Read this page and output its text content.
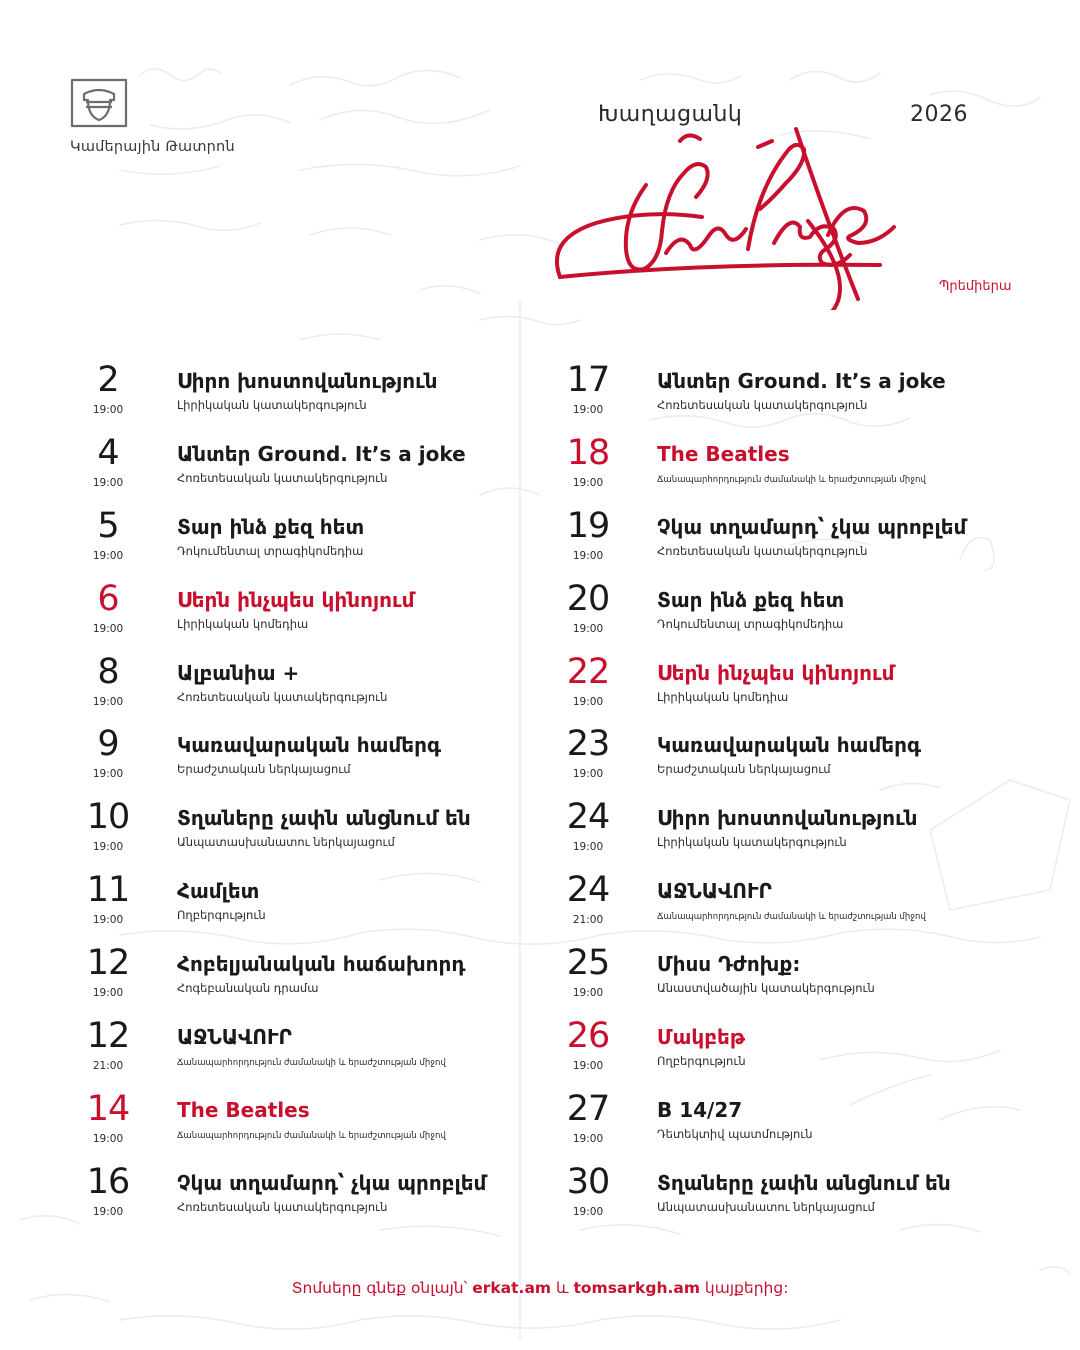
Կամերային Թատրոն
Խաղացանկ	2026
Պրեմիերա
2
19:00
Սիրո խոստովանություն
Լիրիկական կատակերգություն
4
19:00
Անտեր Ground. It’s a joke
Հոռետեսական կատակերգություն
5
19:00
Տար ինձ քեզ հետ
Դոկումենտալ տրագիկոմեդիա
6
19:00
Սերն ինչպես կինոյում
Լիրիկական կոմեդիա
8
19:00
Ալբանիա +
Հոռետեսական կատակերգություն
9
19:00
Կառավարական համերգ
Երաժշտական ներկայացում
10
19:00
Տղաները չափն անցնում են
Անպատասխանատու ներկայացում
11
19:00
Համլետ
Ողբերգություն
12
19:00
Հոբելյանական հաճախորդ
Հոգեբանական դրամա
12
21:00
ԱՋՆԱՎՈՒՐ
Ճանապարհորդություն ժամանակի և երաժշտության միջով
14
19:00
The Beatles
Ճանապարհորդություն ժամանակի և երաժշտության միջով
16
19:00
Չկա տղամարդ՝ չկա պրոբլեմ
Հոռետեսական կատակերգություն
17
19:00
Անտեր Ground. It’s a joke
Հոռետեսական կատակերգություն
18
19:00
The Beatles
Ճանապարհորդություն ժամանակի և երաժշտության միջով
19
19:00
Չկա տղամարդ՝ չկա պրոբլեմ
Հոռետեսական կատակերգություն
20
19:00
Տար ինձ քեզ հետ
Դոկումենտալ տրագիկոմեդիա
22
19:00
Սերն ինչպես կինոյում
Լիրիկական կոմեդիա
23
19:00
Կառավարական համերգ
Երաժշտական ներկայացում
24
19:00
Սիրո խոստովանություն
Լիրիկական կատակերգություն
24
21:00
ԱՋՆԱՎՈՒՐ
Ճանապարհորդություն ժամանակի և երաժշտության միջով
25
19:00
Միսս Դժոխք:
Անաստվածային կատակերգություն
26
19:00
Մակբեթ
Ողբերգություն
27
19:00
В 14/27
Դետեկտիվ պատմություն
30
19:00
Տղաները չափն անցնում են
Անպատասխանատու ներկայացում
Տոմսերը գնեք օնլայն՝ erkat.am և tomsarkgh.am կայքերից:
